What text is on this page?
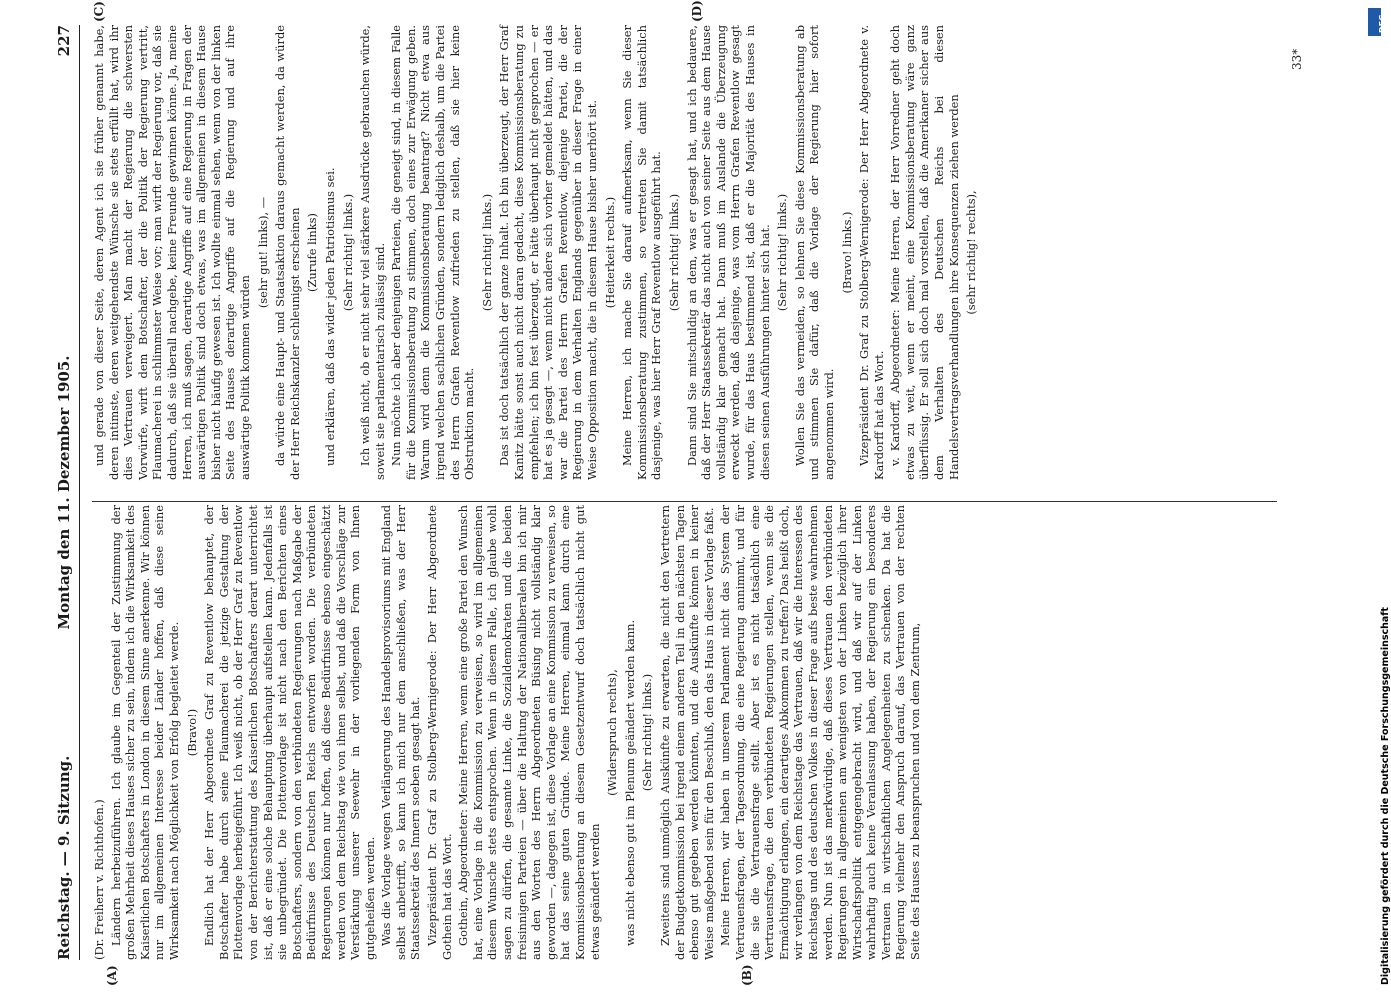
Reichstag. — 9. Sitzung.
Montag den 11. Dezember 1905.
227
(A)	(B)
(C)	(D)

(Dr. Freiherr v. Richthofen.) Ländern herbeizuführen. Ich glaube im Gegenteil der Zustimmung der großen Mehrheit dieses Hauses sicher zu sein, indem ich die Wirksamkeit des Kaiserlichen Botschafters in London in diesem Sinne anerkenne. Wir können nur im allgemeinen Interesse beider Länder hoffen, daß diese seine Wirksamkeit nach Möglichkeit von Erfolg begleitet werde. (Bravo!) Endlich hat der Herr Abgeordnete Graf zu Reventlow behauptet, der Botschafter habe durch seine Flaumacherei die jetzige Gestaltung der Flottenvorlage herbeigeführt. Ich weiß nicht, ob der Herr Graf zu Reventlow von der Berichterstattung des Kaiserlichen Botschafters derart unterrichtet ist, daß er eine solche Behauptung überhaupt aufstellen kann. Jedenfalls ist sie unbegründet. Die Flottenvorlage ist nicht nach den Berichten eines Botschafters, sondern von den verbündeten Regierungen nach Maßgabe der Bedürfnisse des Deutschen Reichs entworfen worden. Die verbündeten Regierungen können nur hoffen, daß diese Bedürfnisse ebenso eingeschätzt werden von dem Reichstag wie von ihnen selbst, und daß die Vorschläge zur Verstärkung unserer Seewehr in der vorliegenden Form von Ihnen gutgeheißen werden. Was die Vorlage wegen Verlängerung des Handelsprovisoriums mit England selbst anbetrifft, so kann ich mich nur dem anschließen, was der Herr Staatssekretär des Innern soeben gesagt hat. Vizepräsident Dr. Graf zu Stolberg-Wernigerode: Der Herr Abgeordnete Gothein hat das Wort. Gothein, Abgeordneter: Meine Herren, wenn eine große Partei den Wunsch hat, eine Vorlage in die Kommission zu verweisen, so wird im allgemeinen diesem Wunsche stets entsprochen. Wenn in diesem Falle, ich glaube wohl sagen zu dürfen, die gesamte Linke, die Sozialdemokraten und die beiden freisinnigen Parteien — über die Haltung der Nationalliberalen bin ich mir aus den Worten des Herrn Abgeordneten Büsing nicht vollständig klar geworden —, dagegen ist, diese Vorlage an eine Kommission zu verweisen, so hat das seine guten Gründe. Meine Herren, einmal kann durch eine Kommissionsberatung an diesem Gesetzentwurf doch tatsächlich nicht gut etwas geändert werden

(Widerspruch rechts), was nicht ebenso gut im Plenum geändert werden kann. (Sehr richtig! links.) Zweitens sind unmöglich Auskünfte zu erwarten, die nicht den Vertretern der Budgetkommission bei irgend einem anderen Teil in den nächsten Tagen ebenso gut gegeben werden könnten, und die Auskünfte können in keiner Weise maßgebend sein für den Beschluß, den das Haus in dieser Vorlage faßt. Meine Herren, wir haben in unserem Parlament nicht das System der Vertrauensfragen, der Tagesordnung, die eine Regierung annimmt, und für die sie die Vertrauensfrage stellt. Aber ist es nicht tatsächlich eine Vertrauensfrage, die den verbündeten Regierungen stellen, wenn sie die Ermächtigung erlangen, ein derartiges Abkommen zu treffen? Das heißt doch, wir verlangen von dem Reichstage das Vertrauen, daß wir die Interessen des Reichstags und des deutschen Volkes in dieser Frage aufs beste wahrnehmen werden. Nun ist das merkwürdige, daß dieses Vertrauen den verbündeten Regierungen in allgemeinen am wenigsten von der Linken bezüglich ihrer Wirtschaftspolitik entgegengebracht wird, und daß wir auf der Linken wahrhaftig auch keine Veranlassung haben, der Regierung ein besonderes Vertrauen in wirtschaftlichen Angelegenheiten zu schenken. Da hat die Regierung vielmehr den Anspruch darauf, das Vertrauen von der rechten Seite des Hauses zu beanspruchen und von dem Zentrum,

und gerade von dieser Seite, deren Agent ich sie früher genannt habe, deren intimste, deren weitgehendste Wünsche sie stets erfüllt hat, wird ihr dies Vertrauen verweigert. Man macht der Regierung die schwersten Vorwürfe, wirft dem Botschafter, der die Politik der Regierung vertritt, Flaumacherei in schlimmster Weise vor; man wirft der Regierung vor, daß sie dadurch, daß sie überall nachgebe, keine Freunde gewinnen könne. Ja, meine Herren, ich muß sagen, derartige Angriffe auf eine Regierung in Fragen der auswärtigen Politik sind doch etwas, was im allgemeinen in diesem Hause bisher nicht häufig gewesen ist. Ich wollte einmal sehen, wenn von der linken Seite des Hauses derartige Angriffe auf die Regierung und auf ihre auswärtige Politik kommen würden

(sehr gut! links), — da würde eine Haupt- und Staatsaktion daraus gemacht werden, da würde der Herr Reichskanzler schleunigst erscheinen (Zurufe links) und erklären, daß das wider jeden Patriotismus sei. (Sehr richtig! links.) Ich weiß nicht, ob er nicht sehr viel stärkere Ausdrücke gebrauchen würde, soweit sie parlamentarisch zulässig sind. Nun möchte ich aber denjenigen Parteien, die geneigt sind, in diesem Falle für die Kommissionsberatung zu stimmen, doch eines zur Erwägung geben. Warum wird denn die Kommissionsberatung beantragt? Nicht etwa aus irgend welchen sachlichen Gründen, sondern lediglich deshalb, um die Partei des Herrn Grafen Reventlow zufrieden zu stellen, daß sie hier keine Obstruktion macht.

(Sehr richtig! links.) Das ist doch tatsächlich der ganze Inhalt. Ich bin überzeugt, der Herr Graf Kanitz hätte sonst auch nicht daran gedacht, diese Kommissionsberatung zu empfehlen; ich bin fest überzeugt, er hätte überhaupt nicht gesprochen — er hat es ja gesagt —, wenn nicht andere sich vorher gemeldet hätten, und das war die Partei des Herrn Grafen Reventlow, diejenige Partei, die der Regierung in dem Verhalten Englands gegenüber in dieser Frage in einer Weise Opposition macht, die in diesem Hause bisher unerhört ist. (Heiterkeit rechts.) Meine Herren, ich mache Sie darauf aufmerksam, wenn Sie dieser Kommissionsberatung zustimmen, so vertreten Sie damit tatsächlich dasjenige, was hier Herr Graf Reventlow ausgeführt hat. (Sehr richtig! links.) Dann sind Sie mitschuldig an dem, was er gesagt hat, und ich bedauere, daß der Herr Staatssekretär das nicht auch von seiner Seite aus dem Hause vollständig klar gemacht hat. Dann muß im Auslande die Überzeugung erweckt werden, daß dasjenige, was vom Herrn Grafen Reventlow gesagt wurde, für das Haus bestimmend ist, daß er die Majorität des Hauses in diesen seinen Ausführungen hinter sich hat. (Sehr richtig! links.) Wollen Sie das vermeiden, so lehnen Sie diese Kommissionsberatung ab und stimmen Sie dafür, daß die Vorlage der Regierung hier sofort angenommen wird.

(Bravo! links.) Vizepräsident Dr. Graf zu Stolberg-Wernigerode: Der Herr Abgeordnete v. Kardorff hat das Wort. v. Kardorff, Abgeordneter: Meine Herren, der Herr Vorredner geht doch etwas zu weit, wenn er meint, eine Kommissionsberatung wäre ganz überflüssig. Er soll sich doch mal vorstellen, daß die Amerikaner sicher aus dem Verhalten des Deutschen Reichs bei diesen Handelsvertragsverhandlungen ihre Konsequenzen ziehen werden (sehr richtig! rechts),

33*
DFG
Digitalisierung gefördert durch die Deutsche Forschungsgemeinschaft
